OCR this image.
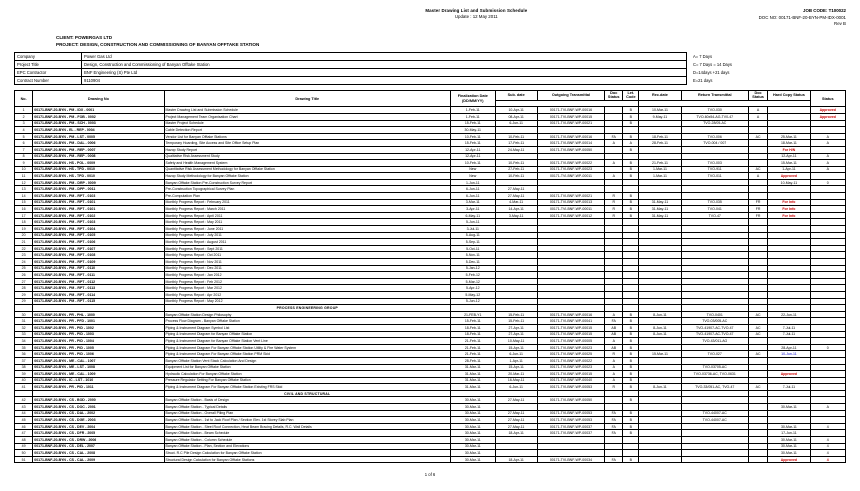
Master Drawing List and Submission Schedule
Update : 12 May 2011
JOB CODE: T100022
DOC NO: 00171-BNF-20-BYN-PM-IDX-0001
Rev B
CLIENT: POWERGAS LTD
PROJECT: DESIGN, CONSTRUCTION AND COMMISSIONING OF BANYAN OFFTAKE STATION
Company	Power Gas Ltd	A= 7 Days
Project Title	Design, Construction and Commissioning of Banyan Offtake Station	C= 7 Days = 14 Days
EPC Contractor	BNF Engineering (S) Pte Ltd	D=14days +21 days
Contract Number	9110904	E=21 days
No.	Drawing No	Drawing Title	Finalization Date (DD/MM/YY)	Sub. date	Outgoing Transmittal	Doc Status	Let. Code	Rec.date	Return Transmittal	Doc Status	Hard Copy Status	Status

1	00171-BNF-20-BYN - PM - IDX - 0001	Master Drawing List and Submission Schedule	1-Feb-11	10-Apr-11	00171-TVI-BNF-WP-00016		B	10-Mar-11	TVO-030	A		Approved
2	00171-BNF-20-BYN - PM - FOB - 0002	Project Management Team Organisation Chart	1-Feb-11	08-Apr-11	00171-TVI-BNF-WP-00015		B	9-May-11	TVO-60x54-AG-TV0-47	A		Approved
3	00171-BNF-20-BYN - PM - SCH - 0003	Master Project Schedule	15-Feb-11	6-Jun-11	00171-TVI-BNF-WP-00021		B		TVO-28/05-AC			
4	00171-BNF-20-BYN - EL - REP - 0004	Cable Detection Report	30-May-11									
5	00171-BNF-20-BYN - PM - LST - 0005	Vendor List for Banyan Offtake Stations	10-Feb-11	10-Feb-11	00171-TVI-BNF-WP-00016	FA	B	18-Feb-11	TVO-006	AC	25-Mar-11	A
6	00171-BNF-20-BYN - PM - DAL - 0006	Temporary Hoarding, Site Access and Site Office Setup Plan	15-Feb-11	17-Feb-11	00171-TVI-BNF-WP-00014	A	A	28-Feb-11	TVO-004 / 007		18-Mar-11	A
7	00171-BNF-20-BYN - PM - REP - 0007	Hazop Study Report	12-Apr-11	24-May-11	00171-TVI-BNF-WP-00050		B				For H/N	
8	00171-BNF-20-BYN - PM - REP - 0008	Qualitative Risk Assessment Study	12-Apr-11								12-Apr-11	A
9	00171-BNF-20-BYN - HS - POL - 0009	Safety and Health Management System	10-Feb-11	10-Feb-11	00171-TVI-BNF-WP-00022	A	B	21-Feb-11	TVO-003		15-Mar-11	A
10	00171-BNF-20-BYN - HS - TPD - 0010	Quantitative Risk Assessment Methodology for Banyan Offtake Station	New	27-Feb-11	00171-TVI-BNF-WP-00023		B	1-Mar-11	TVO-911	AC	1-Apr-11	A
11	00171-BNF-20-BYN - HS - TPD - 0010	Hazop Study Methodology for Banyan Offtake Station	New	10-Feb-11	00171-TVI-BNF-WP-00011	A	B	1-Mar-11	TVO-011	A	Approved	
12	00171-BNF-20-BYN - PM - DRP - 0009	Banyan Offtake Station Pre-Construction Survey Report	1-Jun-11								10-May-11	0
13	00171-BNF-20-BYN - PM - DPP - 0011	Pre-Construction Topographical Survey Plan	6-Jun-11	27-May-11								
14	00171-BNF-20-BYN - PM - RPT - 0103	Pre-Computation Plan	6-Jun-11	27-May-11	00171-TVI-BNF-WP-00021	R	B					
15	00171-BNF-20-BYN - PM - RPT - 0101	Monthly Progress Report : February 2011	3-Mar-11	4-Mar-11	00171-TVI-BNF-WP-00013	R	B	31-May-11	TVO-035	FR	For Info	
16	00171-BNF-20-BYN - PM - RPT - 0101	Monthly Progress Report : March 2011	3-Apr-11	14-Apr-11	00171-TVI-BNF-WP-00011	R	B	31-May-11	TVO-041	FR	For Info	
17	00171-BNF-20-BYN - PM - RPT - 0102	Monthly Progress Report : April 2011	6-May-11	3-May-11	00171-TVI-BNF-WP-00012	R	B	31-May-11	TVO-47	FR	For Info	
18	00171-BNF-20-BYN - PM - RPT - 0103	Monthly Progress Report : May 2011	5-Jun-11									
19	00171-BNF-20-BYN - PM - RPT - 0104	Monthly Progress Report : June 2011	3-Jul-11									
20	00171-BNF-20-BYN - PM - RPT - 0105	Monthly Progress Report : July 2011	5-Aug-11									
21	00171-BNF-20-BYN - PM - RPT - 0106	Monthly Progress Report : August 2011	5-Sep-11									
22	00171-BNF-20-BYN - PM - RPT - 0107	Monthly Progress Report : Sept 2011	5-Oct-11									
23	00171-BNF-20-BYN - PM - RPT - 0108	Monthly Progress Report : Oct 2011	5-Nov-11									
24	00171-BNF-20-BYN - PM - RPT - 0109	Monthly Progress Report : Nov 2011	5-Dec-11									
25	00171-BNF-20-BYN - PM - RPT - 0110	Monthly Progress Report : Dec 2011	5-Jan-12									
26	00171-BNF-20-BYN - PM - RPT - 0111	Monthly Progress Report : Jan 2012	5-Feb-12									
27	00171-BNF-20-BYN - PM - RPT - 0112	Monthly Progress Report : Feb 2012	5-Mar-12									
28	00171-BNF-20-BYN - PM - RPT - 0113	Monthly Progress Report : Mar 2012	5-Apr-12									
29	00171-BNF-20-BYN - PM - RPT - 0114	Monthly Progress Report : Apr 2012	5-May-12									
29	00171-BNF-20-BYN - PM - RPT - 0115	Monthly Progress Report : May 2012	5-Jun-12									
		PROCESS ENGINEERING GROUP										
30	00171-BNF-20-BYN - PR - PHL - 1000	Banyan Offtake Station Design Philosophy	21-FEB-Y1	15-Feb-11	00171-TVI-BNF-WP-00016	A	B	8-Jun-11	TVO-0401	AC	22-Jun-11	
31	00171-BNF-20-BYN - PR - PFD - 1001	Process Flow Diagram - Banyan Offtake Station	15-Feb-11	15-Feb-11	00171-TVI-BNF-WP-00041	FA	B		TVO-03/005-AC			
32	00171-BNF-20-BYN - PR - PID - 1002	Piping & Instrument Diagram Symbol List	18-Feb-11	27-Apr-11	00171-TVI-BNF-WP-00015	AB	B	8-Jun-11	TVO-41907-AC-TVO-47	AC	7-Jul-11	
33	00171-BNF-20-BYN - PR - PID - 1003	Piping & Instrument Diagram for Banyan Offtake Station	18-Feb-11	27-Apr-11	00171-TVI-BNF-WP-00015	AB	B	8-Jun-11	TVO-41907-AC-TVO-47	AC	7-Jul-11	
34	00171-BNF-20-BYN - PR - PID - 1004	Piping & Instrument Diagram for Banyan Offtake Station Vent Line	21-Feb-11	10-May-11	00171-TVI-BNF-WP-00005	A	B		TVO-43/011-AG			
35	00171-BNF-20-BYN - PR - PID - 1005	Piping & Instrument Diagram For Banyan Offtake Station Utility & Fire Water System	21-Feb-11	15-Apr-11	00171-TVI-BNF-WP-00023	AB	B				28-Apr-11	0
36	00171-BNF-20-BYN - PR - PID - 1006	Piping & Instrument Diagram For Banyan Offtake Station PRM Skid	21-Feb-11	6-Jun-11	00171-TVI-BNF-WP-00025	R	B	15-Mar-11	TVO-027	AC	10-Jun-11	
37	00171-BNF-20-BYN - ME - CAL - 1007	Banyan Offtake Station Vent Stack Calculation And Design	28-Feb-11	1-Apr-11	00171-TVI-BNF-WP-00022	A	B					
38	00171-BNF-20-BYN - ME - LST - 1008	Equipment List for Banyan Offtake Station	31-Mar-11	15-Apr-11	00171-TVI-BNF-WP-00023	A	B		TVO-03705-AC			
39	00171-BNF-20-BYN - ME - CAL - 1009	Hydraulic Calculation For Banyan Offtake Station	31-Mar-11	20-Mar-11	00171-TVI-BNF-WP-00015	A	B		TVO-03736-AC, TVO-0631		Approved	
40	00171-BNF-20-BYN - IC - LST - 1010	Pressure Regulator Setting For Banyan Offtake Station	31-Mar-11	16-May-11	00171-TVI-BNF-WP-00040	A	B					
41	00171-BNF-20-BYN - PR - PID - 1011	Piping & Instrument Diagram For Banyan Offtake Station Existing FRS Skid	31-Mar-11	6-Jun-11	00171-TVI-BNF-WP-00053	R	B	8-Jun-11	TVO-33/051-AC, TVO-47	AC	7-Jul-11	
		CIVIL AND STRUCTURAL										
42	00171-BNF-20-BYN - CS - BOD - 2000	Banyan Offtake Station - Basis of Design	30-Mar-11	27-May-11	00171-TVI-BNF-WP-00050		B					
43	00171-BNF-20-BYN - CS - DOC - 2001	Banyan Offtake Station - Typical Details	30-Mar-11								30-Mar-11	A
44	00171-BNF-20-BYN - CS - DAL - 2002	Banyan Offtake Station - Overall Piling Plan	30-Mar-11	27-May-11	00171-TVI-BNF-WP-00053	FA	B		TVO-44007-AC			
45	00171-BNF-20-BYN - CS - DGE - 2003	Banyan Offtake Station - 1st to Jack Roof Plan / Section Elev. 1st Storey Slab Plan	30-Mar-11	27-May-11	00171-TVI-BNF-WP-00053	FA	B		TVO-44007-AC			
46	00171-BNF-20-BYN - CS - DEV - 2004	Banyan Offtake Station - Steel Roof Connection, Heat Beam Bracing Details, R.C. Wall Details	30-Mar-11	27-May-11	00171-TVI-BNF-WP-00037	FA	B				30-Mar-11	4
47	00171-BNF-20-BYN - CS - DFR - 2005	Banyan Offtake Station - Beam Schedule	30-Mar-11	18-Apr-11	00171-TVI-BNF-WP-00037	FA	B				17-Jun-11	
48	00171-BNF-20-BYN - CS - DRW - 2006	Banyan Offtake Station - Column Schedule	30-Mar-11								30-Mar-11	4
49	00171-BNF-20-BYN - CS - DEL - 2007	Banyan Offtake Station - Plan, Section and Elevations	30-Mar-11								30-Mar-11	4
50	00171-BNF-20-BYN - CS - CAL - 2008	Struct. R.C Pile Design Calculation for Banyan Offtake Station	30-Mar-11								30-Mar-11	4
51	00171-BNF-20-BYN - CS - CAL - 2009	Structural Design Calculation for Banyan Offtake Stations	30-Mar-11	18-Apr-11	00171-TVI-BNF-WP-00034	FA	B				Approved	4
1 of 6
